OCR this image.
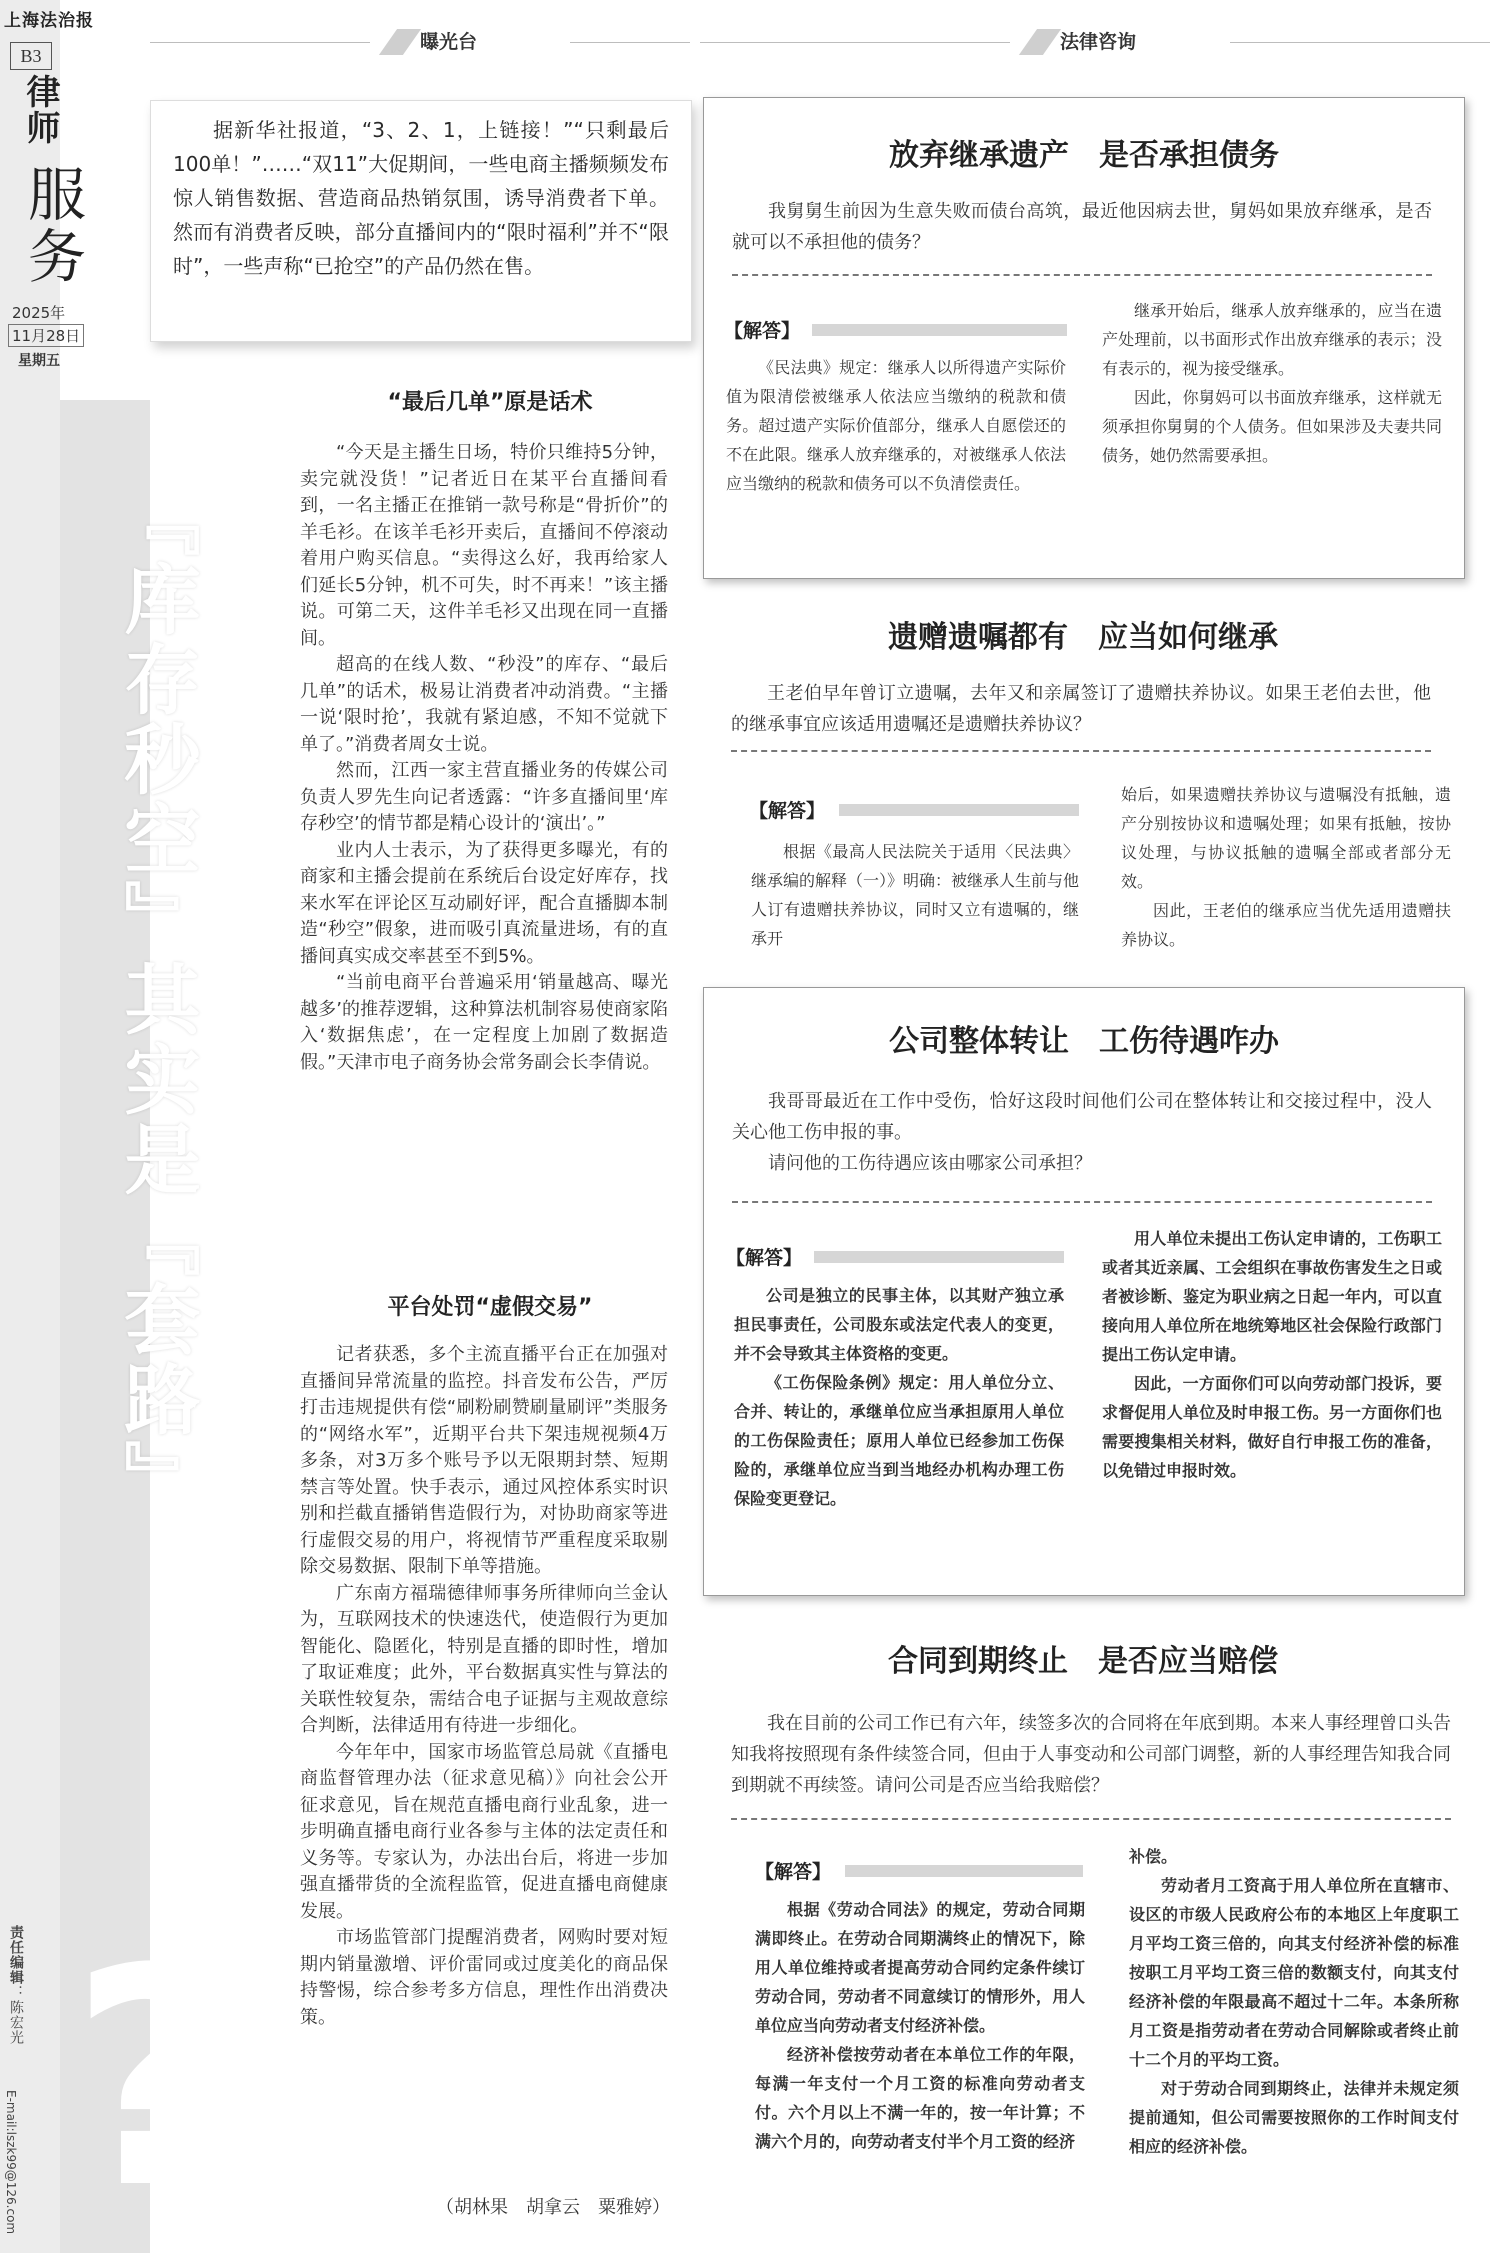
上海法治报
B3
律师
服务
2025年
11月28日
星期五
『库存秒空』其实是『套路』
?
责任编辑：陈宏光
E-mail:lszk99@126.com
曝光台	法律咨询

据新华社报道，“3、2、1，上链接！”“只剩最后100单！”……“双11”大促期间，一些电商主播频频发布惊人销售数据、营造商品热销氛围，诱导消费者下单。然而有消费者反映，部分直播间内的“限时福利”并不“限时”，一些声称“已抢空”的产品仍然在售。

“最后几单”原是话术

“今天是主播生日场，特价只维持5分钟，卖完就没货！”记者近日在某平台直播间看到，一名主播正在推销一款号称是“骨折价”的羊毛衫。在该羊毛衫开卖后，直播间不停滚动着用户购买信息。“卖得这么好，我再给家人们延长5分钟，机不可失，时不再来！”该主播说。可第二天，这件羊毛衫又出现在同一直播间。

超高的在线人数、“秒没”的库存、“最后几单”的话术，极易让消费者冲动消费。“主播一说‘限时抢’，我就有紧迫感，不知不觉就下单了。”消费者周女士说。

然而，江西一家主营直播业务的传媒公司负责人罗先生向记者透露：“许多直播间里‘库存秒空’的情节都是精心设计的‘演出’。”

业内人士表示，为了获得更多曝光，有的商家和主播会提前在系统后台设定好库存，找来水军在评论区互动刷好评，配合直播脚本制造“秒空”假象，进而吸引真流量进场，有的直播间真实成交率甚至不到5%。

“当前电商平台普遍采用‘销量越高、曝光越多’的推荐逻辑，这种算法机制容易使商家陷入‘数据焦虑’，在一定程度上加剧了数据造假。”天津市电子商务协会常务副会长李倩说。

平台处罚“虚假交易”

记者获悉，多个主流直播平台正在加强对直播间异常流量的监控。抖音发布公告，严厉打击违规提供有偿“刷粉刷赞刷量刷评”类服务的“网络水军”，近期平台共下架违规视频4万多条，对3万多个账号予以无限期封禁、短期禁言等处置。快手表示，通过风控体系实时识别和拦截直播销售造假行为，对协助商家等进行虚假交易的用户，将视情节严重程度采取剔除交易数据、限制下单等措施。

广东南方福瑞德律师事务所律师向兰金认为，互联网技术的快速迭代，使造假行为更加智能化、隐匿化，特别是直播的即时性，增加了取证难度；此外，平台数据真实性与算法的关联性较复杂，需结合电子证据与主观故意综合判断，法律适用有待进一步细化。

今年年中，国家市场监管总局就《直播电商监督管理办法（征求意见稿）》向社会公开征求意见，旨在规范直播电商行业乱象，进一步明确直播电商行业各参与主体的法定责任和义务等。专家认为，办法出台后，将进一步加强直播带货的全流程监管，促进直播电商健康发展。

市场监管部门提醒消费者，网购时要对短期内销量激增、评价雷同或过度美化的商品保持警惕，综合参考多方信息，理性作出消费决策。

（胡林果　胡拿云　粟雅婷）
放弃继承遗产　是否承担债务

我舅舅生前因为生意失败而债台高筑，最近他因病去世，舅妈如果放弃继承，是否就可以不承担他的债务？

【解答】

《民法典》规定：继承人以所得遗产实际价值为限清偿被继承人依法应当缴纳的税款和债务。超过遗产实际价值部分，继承人自愿偿还的不在此限。继承人放弃继承的，对被继承人依法应当缴纳的税款和债务可以不负清偿责任。

继承开始后，继承人放弃继承的，应当在遗产处理前，以书面形式作出放弃继承的表示；没有表示的，视为接受继承。

因此，你舅妈可以书面放弃继承，这样就无须承担你舅舅的个人债务。但如果涉及夫妻共同债务，她仍然需要承担。

遗赠遗嘱都有　应当如何继承

王老伯早年曾订立遗嘱，去年又和亲属签订了遗赠扶养协议。如果王老伯去世，他的继承事宜应该适用遗嘱还是遗赠扶养协议？

【解答】

根据《最高人民法院关于适用〈民法典〉继承编的解释（一）》明确：被继承人生前与他人订有遗赠扶养协议，同时又立有遗嘱的，继承开

始后，如果遗赠扶养协议与遗嘱没有抵触，遗产分别按协议和遗嘱处理；如果有抵触，按协议处理，与协议抵触的遗嘱全部或者部分无效。

因此，王老伯的继承应当优先适用遗赠扶养协议。

公司整体转让　工伤待遇咋办

我哥哥最近在工作中受伤，恰好这段时间他们公司在整体转让和交接过程中，没人关心他工伤申报的事。

请问他的工伤待遇应该由哪家公司承担？

【解答】

公司是独立的民事主体，以其财产独立承担民事责任，公司股东或法定代表人的变更，并不会导致其主体资格的变更。

《工伤保险条例》规定：用人单位分立、合并、转让的，承继单位应当承担原用人单位的工伤保险责任；原用人单位已经参加工伤保险的，承继单位应当到当地经办机构办理工伤保险变更登记。

用人单位未提出工伤认定申请的，工伤职工或者其近亲属、工会组织在事故伤害发生之日或者被诊断、鉴定为职业病之日起一年内，可以直接向用人单位所在地统筹地区社会保险行政部门提出工伤认定申请。

因此，一方面你们可以向劳动部门投诉，要求督促用人单位及时申报工伤。另一方面你们也需要搜集相关材料，做好自行申报工伤的准备，以免错过申报时效。

合同到期终止　是否应当赔偿

我在目前的公司工作已有六年，续签多次的合同将在年底到期。本来人事经理曾口头告知我将按照现有条件续签合同，但由于人事变动和公司部门调整，新的人事经理告知我合同到期就不再续签。请问公司是否应当给我赔偿？

【解答】

根据《劳动合同法》的规定，劳动合同期满即终止。在劳动合同期满终止的情况下，除用人单位维持或者提高劳动合同约定条件续订劳动合同，劳动者不同意续订的情形外，用人单位应当向劳动者支付经济补偿。

经济补偿按劳动者在本单位工作的年限，每满一年支付一个月工资的标准向劳动者支付。六个月以上不满一年的，按一年计算；不满六个月的，向劳动者支付半个月工资的经济

补偿。

劳动者月工资高于用人单位所在直辖市、设区的市级人民政府公布的本地区上年度职工月平均工资三倍的，向其支付经济补偿的标准按职工月平均工资三倍的数额支付，向其支付经济补偿的年限最高不超过十二年。本条所称月工资是指劳动者在劳动合同解除或者终止前十二个月的平均工资。

对于劳动合同到期终止，法律并未规定须提前通知，但公司需要按照你的工作时间支付相应的经济补偿。
